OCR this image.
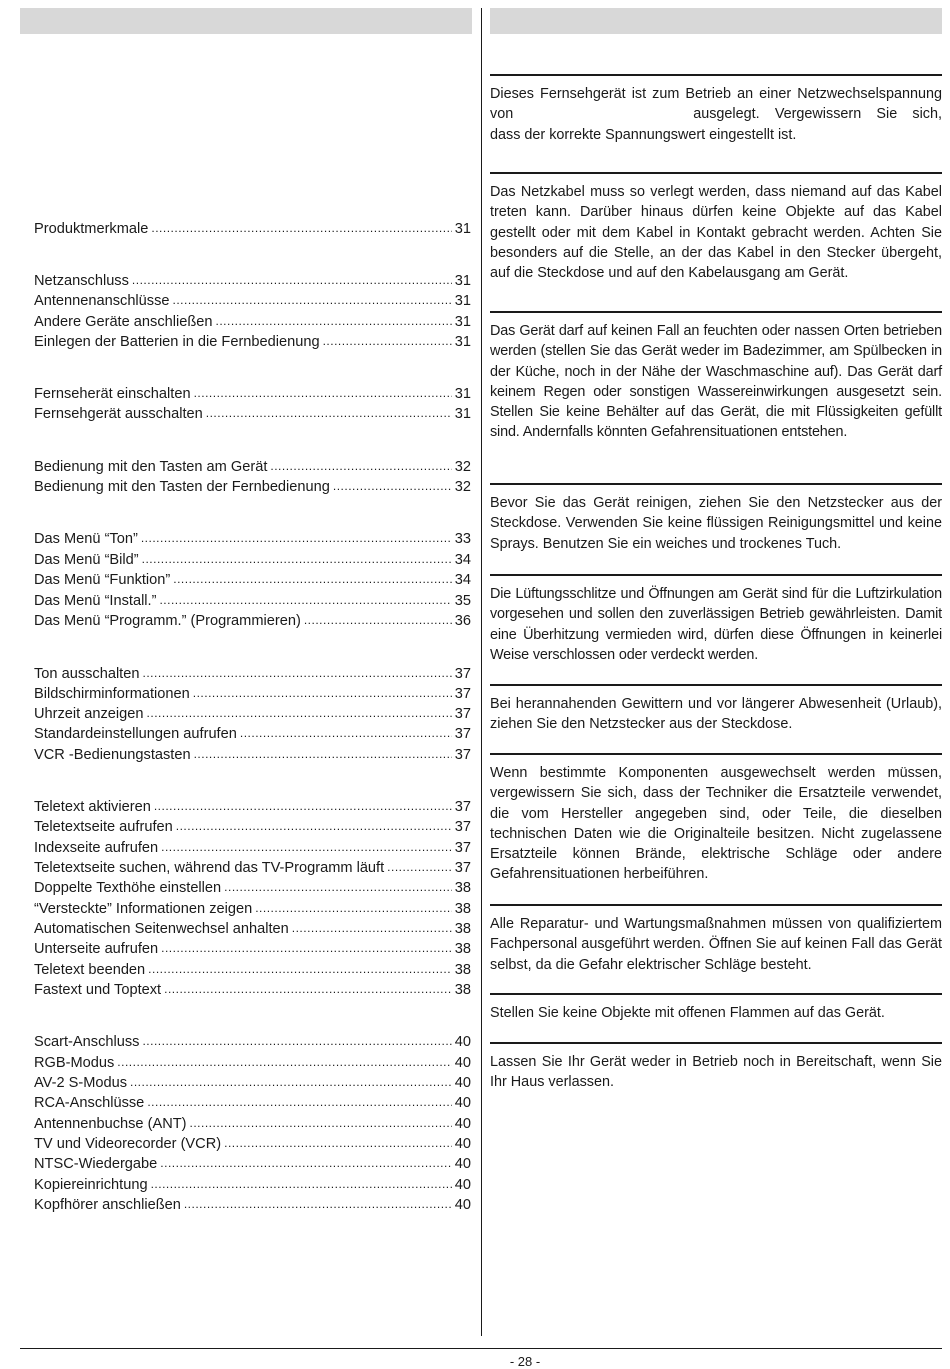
Produktmerkmale .....	31
Netzanschluss .....	31
Antennenanschlüsse .....	31
Andere Geräte anschließen .....	31
Einlegen der Batterien in die Fernbedienung .....	31
Fernseherät einschalten .....	31
Fernsehgerät ausschalten .....	31
Bedienung mit den Tasten am Gerät .....	32
Bedienung mit den Tasten der Fernbedienung .....	32
Das Menü “Ton” .....	33
Das Menü “Bild” .....	34
Das Menü “Funktion” .....	34
Das Menü “Install.” .....	35
Das Menü “Programm.” (Programmieren) .....	36
Ton ausschalten .....	37
Bildschirminformationen .....	37
Uhrzeit anzeigen .....	37
Standardeinstellungen aufrufen .....	37
VCR -Bedienungstasten .....	37
Teletext aktivieren .....	37
Teletextseite aufrufen .....	37
Indexseite aufrufen .....	37
Teletextseite suchen, während das TV-Programm läuft .....	37
Doppelte Texthöhe einstellen .....	38
“Versteckte” Informationen zeigen .....	38
Automatischen Seitenwechsel anhalten .....	38
Unterseite aufrufen .....	38
Teletext beenden .....	38
Fastext und Toptext .....	38
Scart-Anschluss .....	40
RGB-Modus .....	40
AV-2 S-Modus .....	40
RCA-Anschlüsse .....	40
Antennenbuchse (ANT) .....	40
TV und Videorecorder (VCR) .....	40
NTSC-Wiedergabe .....	40
Kopiereinrichtung .....	40
Kopfhörer anschließen .....	40

Dieses Fernsehgerät ist zum Betrieb an einer Netzwechselspannung von	ausgelegt. Vergewissern Sie sich, dass der korrekte Spannungswert eingestellt ist.

Das Netzkabel muss so verlegt werden, dass niemand auf das Kabel treten kann. Darüber hinaus dürfen keine Objekte auf das Kabel gestellt oder mit dem Kabel in Kontakt gebracht werden. Achten Sie besonders auf die Stelle, an der das Kabel in den Stecker übergeht, auf die Steckdose und auf den Kabelausgang am Gerät.

Das Gerät darf auf keinen Fall an feuchten oder nassen Orten betrieben werden (stellen Sie das Gerät weder im Badezimmer, am Spülbecken in der Küche, noch in der Nähe der Waschmaschine auf). Das Gerät darf keinem Regen oder sonstigen Wassereinwirkungen ausgesetzt sein. Stellen Sie keine Behälter auf das Gerät, die mit Flüssigkeiten gefüllt sind. Andernfalls könnten Gefahrensituationen entstehen.

Bevor Sie das Gerät reinigen, ziehen Sie den Netzstecker aus der Steckdose. Verwenden Sie keine flüssigen Reinigungsmittel und keine Sprays. Benutzen Sie ein weiches und trockenes Tuch.

Die Lüftungsschlitze und Öffnungen am Gerät sind für die Luftzirkulation vorgesehen und sollen den zuverlässigen Betrieb gewährleisten. Damit eine Überhitzung vermieden wird, dürfen diese Öffnungen in keinerlei Weise verschlossen oder verdeckt werden.

Bei herannahenden Gewittern und vor längerer Abwesenheit (Urlaub), ziehen Sie den Netzstecker aus der Steckdose.

Wenn bestimmte Komponenten ausgewechselt werden müssen, vergewissern Sie sich, dass der Techniker die Ersatzteile verwendet, die vom Hersteller angegeben sind, oder Teile, die dieselben technischen Daten wie die Originalteile besitzen. Nicht zugelassene Ersatzteile können Brände, elektrische Schläge oder andere Gefahrensituationen herbeiführen.

Alle Reparatur- und Wartungsmaßnahmen müssen von qualifiziertem Fachpersonal ausgeführt werden. Öffnen Sie auf keinen Fall das Gerät selbst, da die Gefahr elektrischer Schläge besteht.

Stellen Sie keine Objekte mit offenen Flammen auf das Gerät.

Lassen Sie Ihr Gerät weder in Betrieb noch in Bereitschaft, wenn Sie Ihr Haus verlassen.

- 28 -
